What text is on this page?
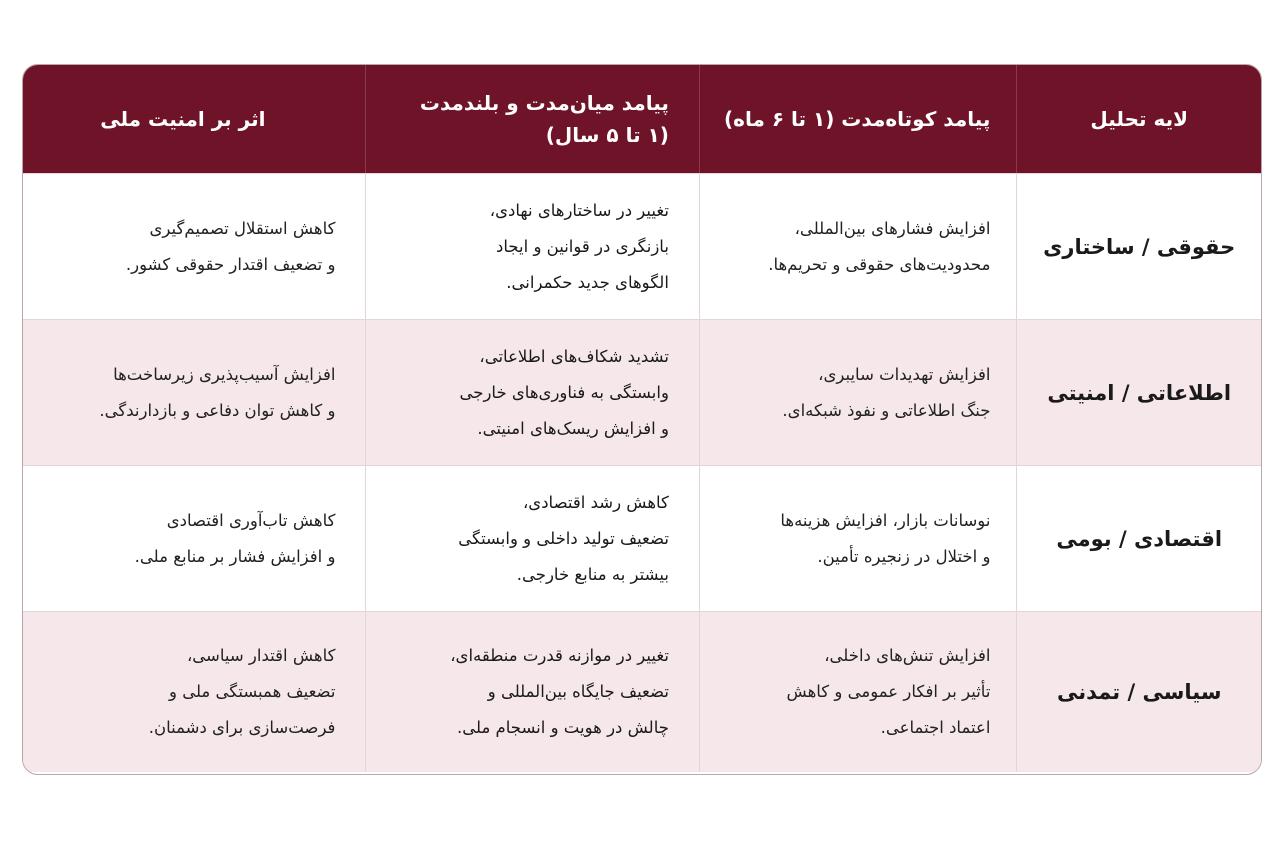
لایه تحلیل
پیامد کوتاه‌مدت (۱ تا ۶ ماه)
پیامد میان‌مدت و بلندمدت
(۱ تا ۵ سال)
اثر بر امنیت ملی
حقوقی / ساختاری
افزایش فشارهای بین‌المللی،
محدودیت‌های حقوقی و تحریم‌ها.
تغییر در ساختارهای نهادی،
بازنگری در قوانین و ایجاد
الگوهای جدید حکمرانی.
کاهش استقلال تصمیم‌گیری
و تضعیف اقتدار حقوقی کشور.
اطلاعاتی / امنیتی
افزایش تهدیدات سایبری،
جنگ اطلاعاتی و نفوذ شبکه‌ای.
تشدید شکاف‌های اطلاعاتی،
وابستگی به فناوری‌های خارجی
و افزایش ریسک‌های امنیتی.
افزایش آسیب‌پذیری زیرساخت‌ها
و کاهش توان دفاعی و بازدارندگی.
اقتصادی / بومی
نوسانات بازار، افزایش هزینه‌ها
و اختلال در زنجیره تأمین.
کاهش رشد اقتصادی،
تضعیف تولید داخلی و وابستگی
بیشتر به منابع خارجی.
کاهش تاب‌آوری اقتصادی
و افزایش فشار بر منابع ملی.
سیاسی / تمدنی
افزایش تنش‌های داخلی،
تأثیر بر افکار عمومی و کاهش
اعتماد اجتماعی.
تغییر در موازنه قدرت منطقه‌ای،
تضعیف جایگاه بین‌المللی و
چالش در هویت و انسجام ملی.
کاهش اقتدار سیاسی،
تضعیف همبستگی ملی و
فرصت‌سازی برای دشمنان.
